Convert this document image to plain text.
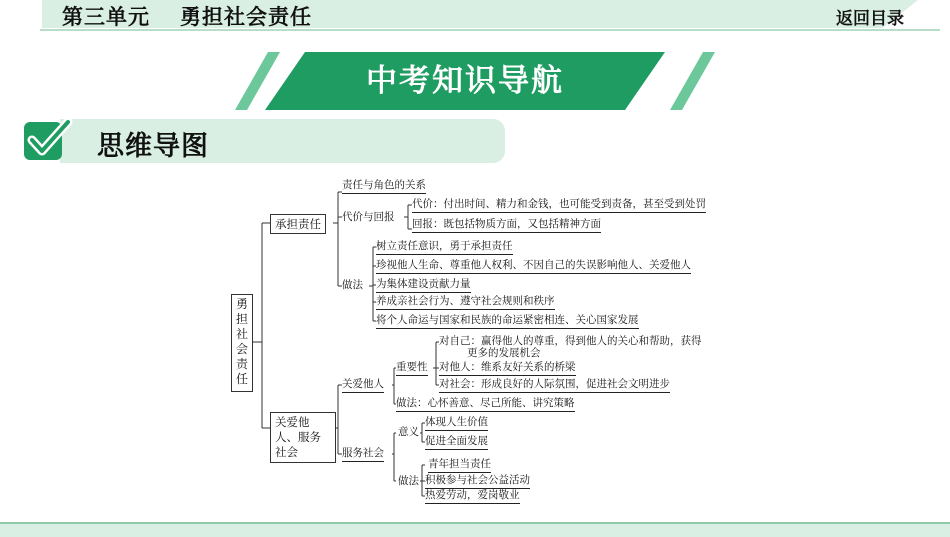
第三单元 勇担社会责任	返回目录
中考知识导航
思维导图
勇担社会责任
承担责任
责任与角色的关系
代价与回报
代价：付出时间、精力和金钱，也可能受到责备，甚至受到处罚
回报：既包括物质方面，又包括精神方面
做法
树立责任意识，勇于承担责任
珍视他人生命、尊重他人权利、不因自己的失误影响他人、关爱他人
为集体建设贡献力量
养成亲社会行为、遵守社会规则和秩序
将个人命运与国家和民族的命运紧密相连、关心国家发展
关爱他人、服务社会
关爱他人
重要性
对自己：赢得他人的尊重，得到他人的关心和帮助，获得
更多的发展机会
对他人：维系友好关系的桥梁
对社会：形成良好的人际氛围，促进社会文明进步
做法：心怀善意、尽己所能、讲究策略
服务社会
意义
体现人生价值
促进全面发展
做法
青年担当责任
积极参与社会公益活动
热爱劳动，爱岗敬业
